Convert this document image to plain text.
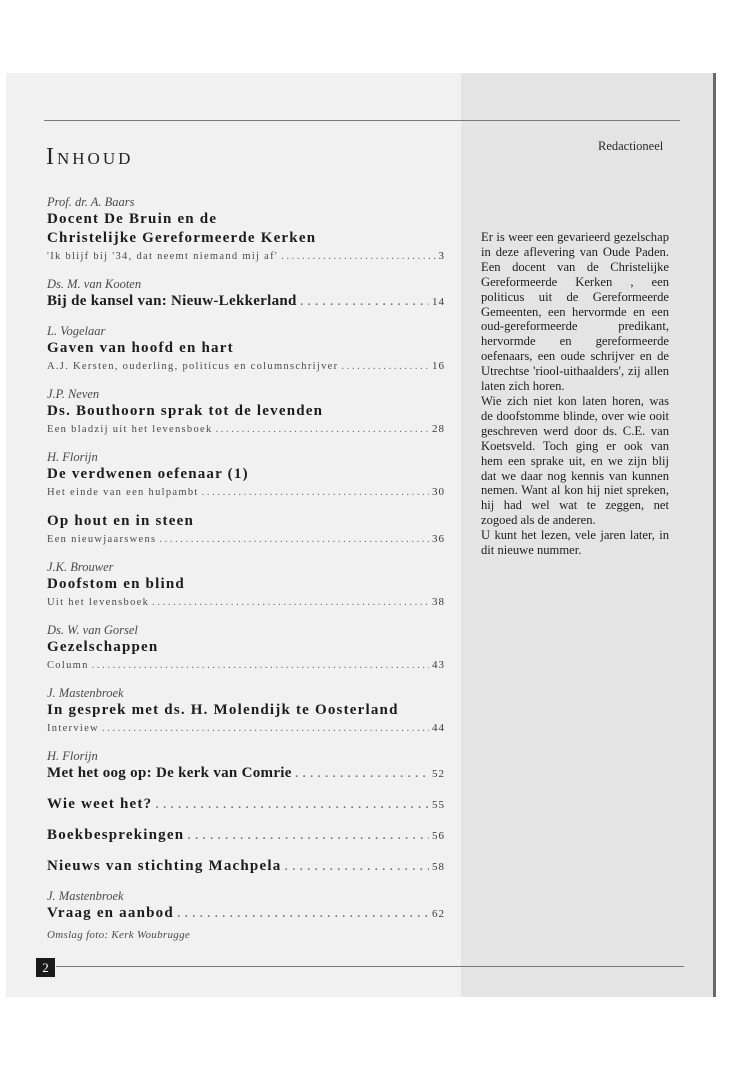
Inhoud	Redactioneel
Prof. dr. A. Baars
Docent De Bruin en de
Christelijke Gereformeerde Kerken
'Ik blijf bij '34, dat neemt niemand mij af' . . .	3
Ds. M. van Kooten
Bij de kansel van: Nieuw-Lekkerland . . .	14
L. Vogelaar
Gaven van hoofd en hart
A.J. Kersten, ouderling, politicus en columnschrijver . . .	16
J.P. Neven
Ds. Bouthoorn sprak tot de levenden
Een bladzij uit het levensboek . . .	28
H. Florijn
De verdwenen oefenaar (1)
Het einde van een hulpambt . . .	30
Op hout en in steen
Een nieuwjaarswens . . .	36
J.K. Brouwer
Doofstom en blind
Uit het levensboek . . .	38
Ds. W. van Gorsel
Gezelschappen
Column . . .	43
J. Mastenbroek
In gesprek met ds. H. Molendijk te Oosterland
Interview . . .	44
H. Florijn
Met het oog op: De kerk van Comrie . . .	52
Wie weet het? . . .	55
Boekbesprekingen . . .	56
Nieuws van stichting Machpela . . .	58
J. Mastenbroek
Vraag en aanbod . . .	62
Omslag foto: Kerk Woubrugge

Er is weer een gevarieerd gezelschap in deze aflevering van Oude Paden. Een docent van de Christelijke Gereformeerde Kerken , een politicus uit de Gereformeerde Gemeenten, een hervormde en een oud-gereformeerde predikant, hervormde en gereformeerde oefenaars, een oude schrijver en de Utrechtse 'riool-uithaalders', zij allen laten zich horen.

Wie zich niet kon laten horen, was de doofstomme blinde, over wie ooit geschreven werd door ds. C.E. van Koetsveld. Toch ging er ook van hem een sprake uit, en we zijn blij dat we daar nog kennis van kunnen nemen. Want al kon hij niet spreken, hij had wel wat te zeggen, net zogoed als de anderen.

U kunt het lezen, vele jaren later, in dit nieuwe nummer.

2
